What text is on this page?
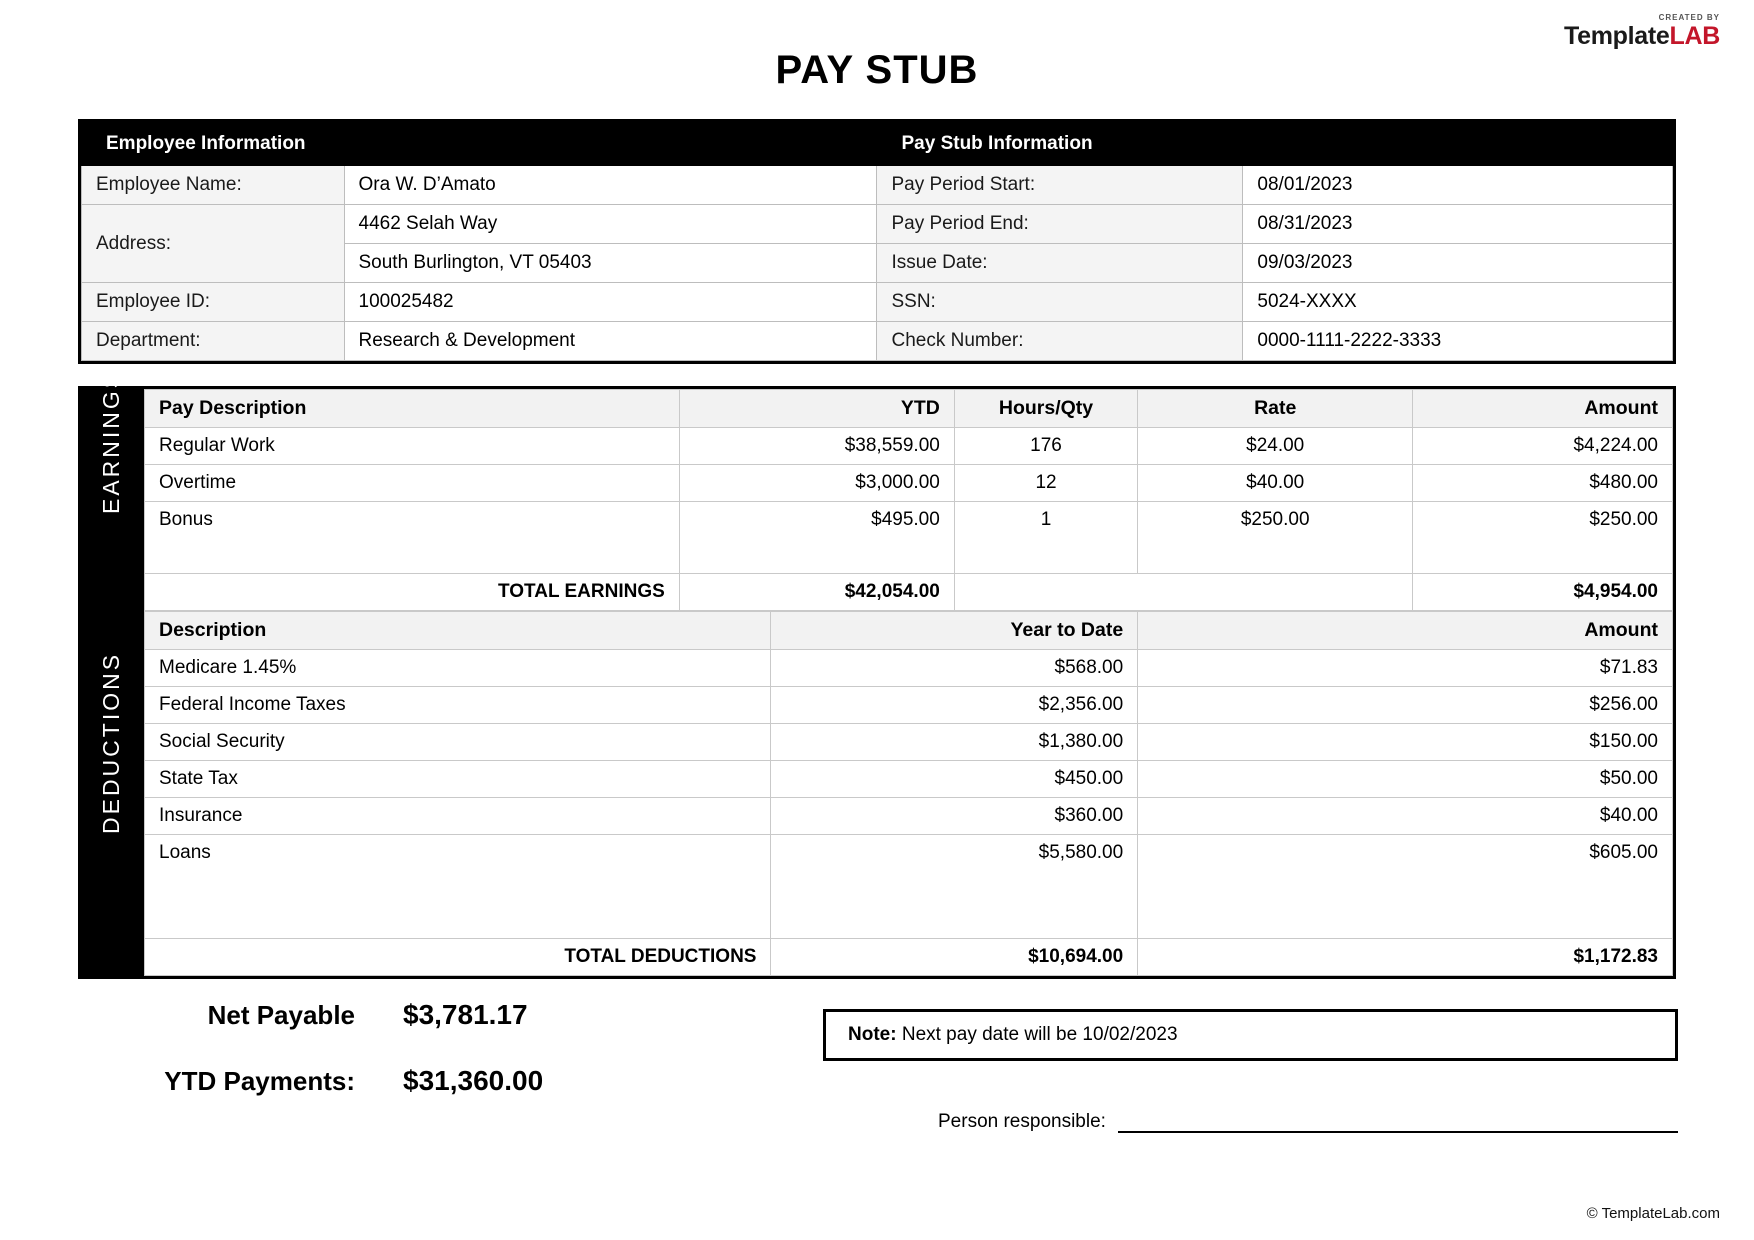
CREATED BY
TemplateLAB
PAY STUB
Employee Information		Pay Stub Information	
Employee Name:	Ora W. D’Amato	Pay Period Start:	08/01/2023
Address:	4462 Selah Way	Pay Period End:	08/31/2023
	South Burlington, VT 05403	Issue Date:	09/03/2023
Employee ID:	100025482	SSN:	5024-XXXX
Department:	Research & Development	Check Number:	0000-1111-2222-3333
EARNINGS
DEDUCTIONS
Pay Description	YTD	Hours/Qty	Rate	Amount
Regular Work	$38,559.00	176	$24.00	$4,224.00
Overtime	$3,000.00	12	$40.00	$480.00
Bonus	$495.00	1	$250.00	$250.00

TOTAL EARNINGS	$42,054.00			$4,954.00
Description	Year to Date	Amount
Medicare 1.45%	$568.00	$71.83
Federal Income Taxes	$2,356.00	$256.00
Social Security	$1,380.00	$150.00
State Tax	$450.00	$50.00
Insurance	$360.00	$40.00
Loans	$5,580.00	$605.00

TOTAL DEDUCTIONS	$10,694.00	$1,172.83
Net Payable $3,781.17
YTD Payments: $31,360.00
Note: Next pay date will be 10/02/2023
Person responsible:
© TemplateLab.com
